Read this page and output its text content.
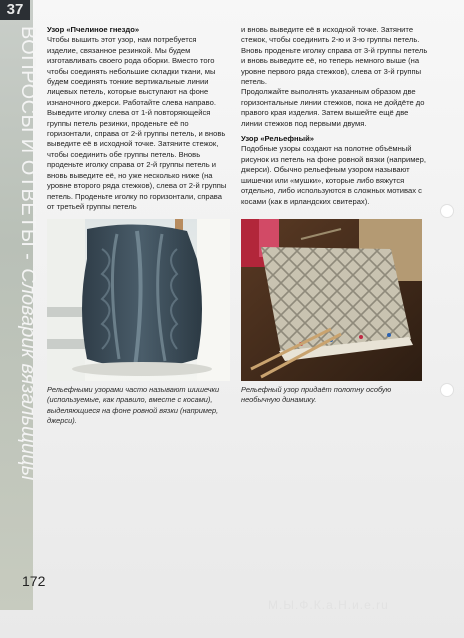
37
ВОПРОСЫ И ОТВЕТЫ -Словарик вязальщицы
Узор «Пчелиное гнездо»

Чтобы вышить этот узор, нам потребуется изделие, связанное резинкой. Мы будем изготавливать своего рода оборки. Вместо того чтобы соединять небольшие складки ткани, мы будем соединять тонкие вертикальные линии лицевых петель, которые выступают на фоне изнаночного джерси. Работайте слева направо. Выведите иголку слева от 1-й повторяющейся группы петель резинки, проденьте её по горизонтали, справа от 2-й группы петель, и вновь выведите её в исходной точке. Затяните стежок, чтобы соединить обе группы петель. Вновь проденьте иголку справа от 2-й группы петель и вновь выведите её, но уже несколько ниже (на уровне второго ряда стежков), слева от 2-й группы петель. Проденьте иголку по горизонтали, справа от третьей группы петель

и вновь выведите её в исходной точке. Затяните стежок, чтобы соединить 2-ю и 3-ю группы петель. Вновь проденьте иголку справа от 3-й группы петель и вновь выведите её, но теперь немного выше (на уровне первого ряда стежков), слева от 3-й группы петель.

Продолжайте выполнять указанным образом две горизонтальные линии стежков, пока не дойдёте до правого края изделия. Затем вышейте ещё две линии стежков под первыми двумя.

Узор «Рельефный»

Подобные узоры создают на полотне объёмный рисунок из петель на фоне ровной вязки (например, джерси). Обычно рельефным узором называют шишечки или «мушки», которые либо вяжутся отдельно, либо используются в сложных мотивах с косами (как в ирландских свитерах).

Рельефными узорами часто называют шишечки (используемые, как правило, вместе с косами), выделяющиеся на фоне ровной вязки (например, джерси).
Рельефный узор придаёт полотну особую необычную динамику.
172
М.Ы.Ф.К.а.Н.и.е.ru
